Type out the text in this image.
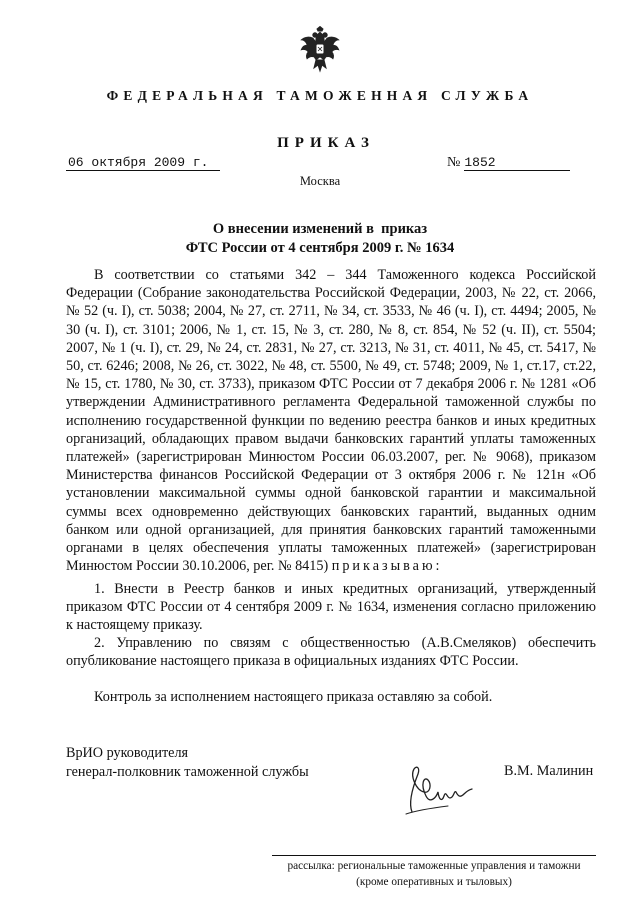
ФЕДЕРАЛЬНАЯ ТАМОЖЕННАЯ СЛУЖБА
ПРИКАЗ
06 октября 2009 г.	№ 1852
Москва
О внесении изменений в  приказ
ФТС России от 4 сентября 2009 г. № 1634

В соответствии со статьями 342 – 344 Таможенного кодекса Российской Федерации (Собрание законодательства Российской Федерации, 2003, № 22, ст. 2066, № 52 (ч. I), ст. 5038; 2004, № 27, ст. 2711, № 34, ст. 3533, № 46 (ч. I), ст. 4494; 2005, № 30 (ч. I), ст. 3101; 2006, № 1, ст. 15, № 3, ст. 280, № 8, ст. 854, № 52 (ч. II), ст. 5504; 2007, № 1 (ч. I), ст. 29, № 24, ст. 2831, № 27, ст. 3213, № 31, ст. 4011, № 45, ст. 5417, № 50, ст. 6246; 2008, № 26, ст. 3022, № 48, ст. 5500, № 49, ст. 5748; 2009, № 1, ст.17, ст.22, № 15, ст. 1780, № 30, ст. 3733), приказом ФТС России от 7 декабря 2006 г. № 1281 «Об утверждении Административного регламента Федеральной таможенной службы по исполнению государственной функции по ведению реестра банков и иных кредитных организаций, обладающих правом выдачи банковских гарантий уплаты таможенных платежей» (зарегистрирован Минюстом России 06.03.2007, рег. № 9068), приказом Министерства финансов Российской Федерации от 3 октября 2006 г. № 121н «Об установлении максимальной суммы одной банковской гарантии и максимальной суммы всех одновременно действующих банковских гарантий, выданных одним банком или одной организацией, для принятия банковских гарантий таможенными органами в целях обеспечения уплаты таможенных платежей» (зарегистрирован Минюстом России 30.10.2006, рег. № 8415) приказываю:

1. Внести в Реестр банков и иных кредитных организаций, утвержденный приказом ФТС России от 4 сентября 2009 г. № 1634, изменения согласно приложению к настоящему приказу.

2. Управлению по связям с общественностью (А.В.Смеляков) обеспечить опубликование настоящего приказа в официальных изданиях ФТС России.

Контроль за исполнением настоящего приказа оставляю за собой.

ВрИО руководителя
генерал-полковник таможенной службы	В.М. Малинин
рассылка: региональные таможенные управления и таможни
(кроме оперативных и тыловых)
